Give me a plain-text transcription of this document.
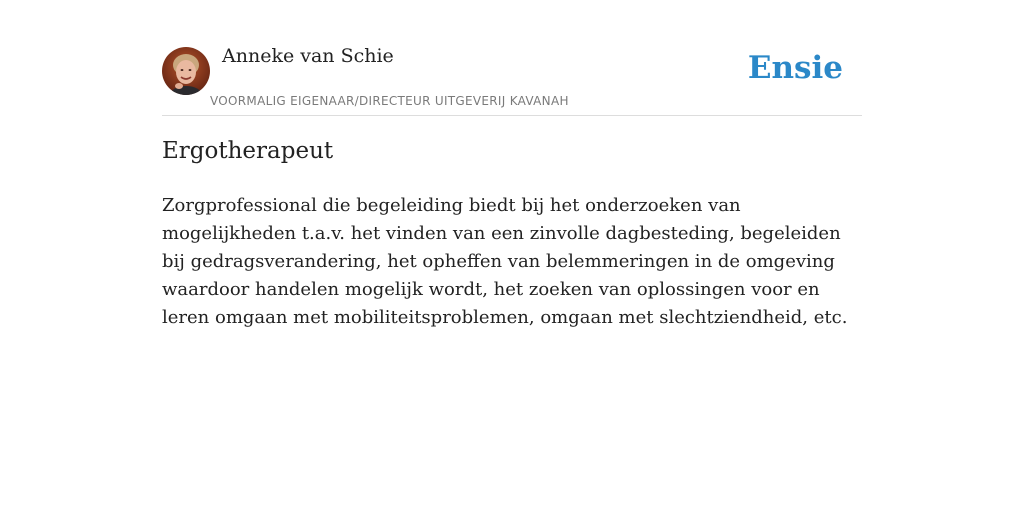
Anneke van Schie
VOORMALIG EIGENAAR/DIRECTEUR UITGEVERIJ KAVANAH
Ensie
Ergotherapeut

Zorgprofessional die begeleiding biedt bij het onderzoeken van mogelijkheden t.a.v. het vinden van een zinvolle dagbesteding, begeleiden bij gedragsverandering, het opheffen van belemmeringen in de omgeving waardoor handelen mogelijk wordt, het zoeken van oplossingen voor en leren omgaan met mobiliteitsproblemen, omgaan met slechtziendheid, etc.
